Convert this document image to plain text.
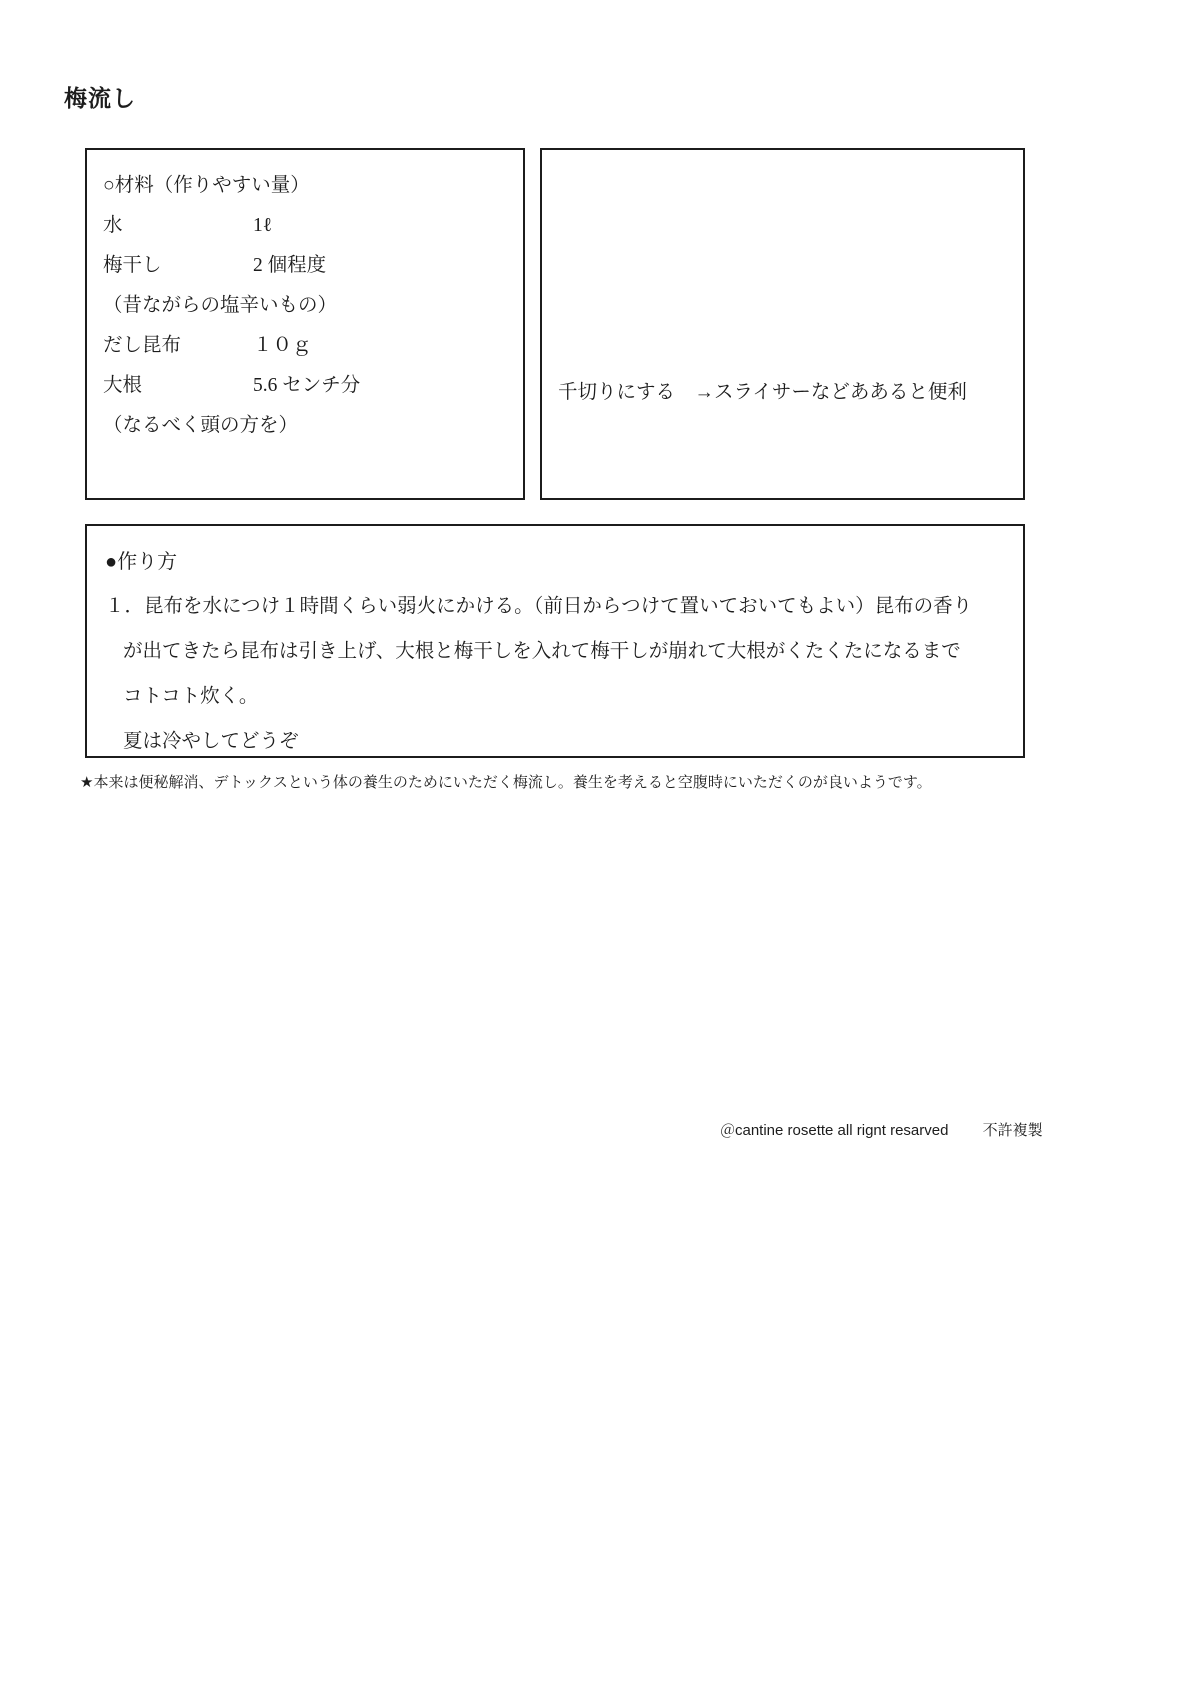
梅流し
○材料（作りやすい量）
水	1ℓ
梅干し	2 個程度
（昔ながらの塩辛いもの）
だし昆布	１０ｇ
大根	5.6 センチ分
（なるべく頭の方を）
千切りにする　→スライサーなどああると便利
●作り方
１．昆布を水につけ１時間くらい弱火にかける。（前日からつけて置いておいてもよい）昆布の香り
が出てきたら昆布は引き上げ、大根と梅干しを入れて梅干しが崩れて大根がくたくたになるまで
コトコト炊く。
夏は冷やしてどうぞ
★本来は便秘解消、デトックスという体の養生のためにいただく梅流し。養生を考えると空腹時にいただくのが良いようです。
＠cantine rosette all rignt resarved 不許複製
